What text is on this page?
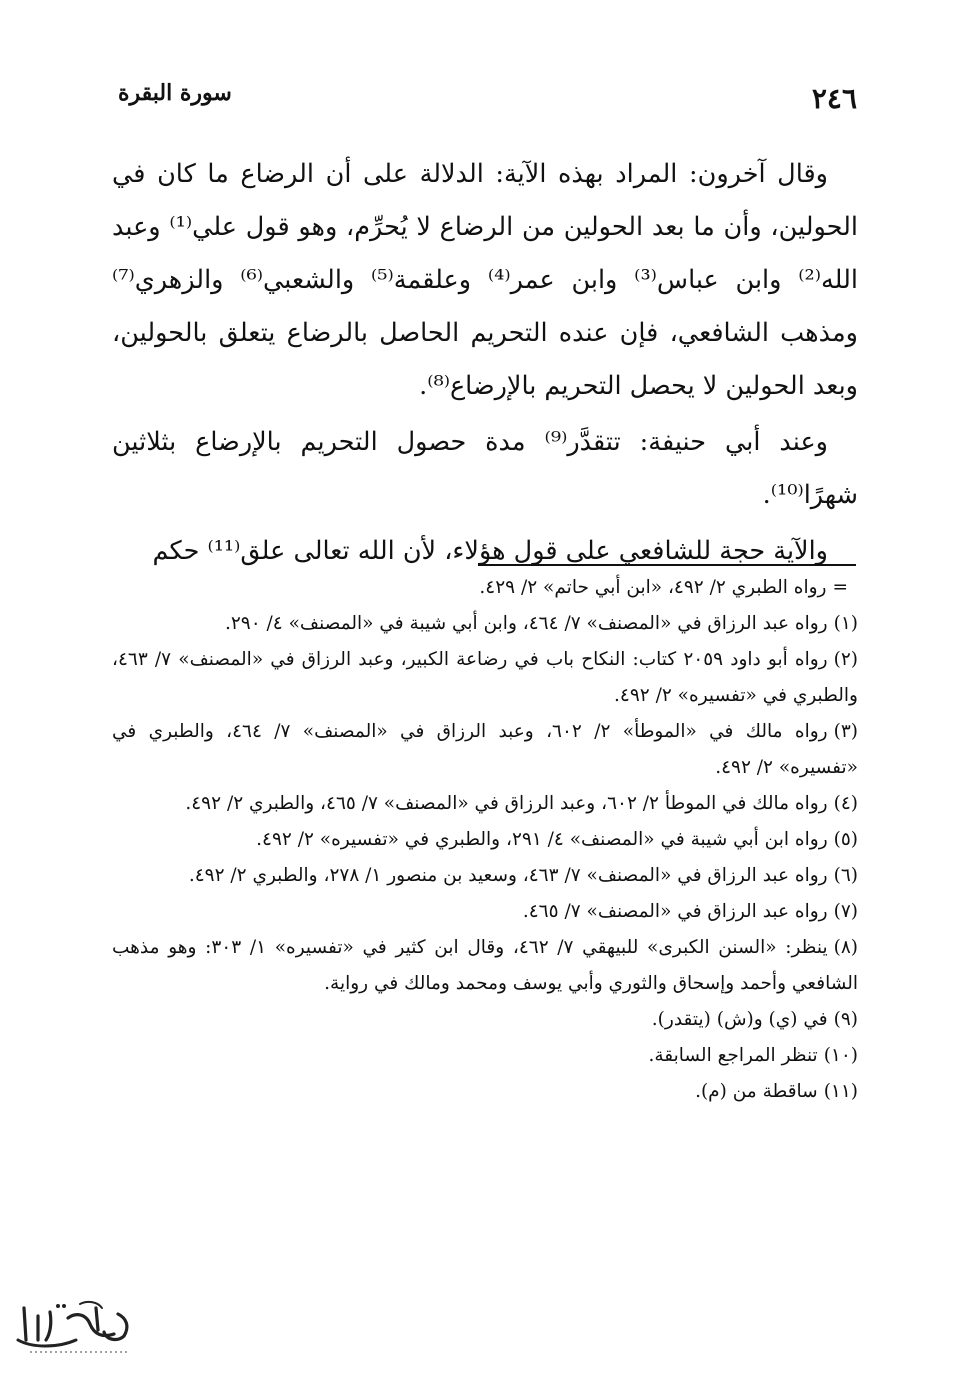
٢٤٦
سورة البقرة

وقال آخرون: المراد بهذه الآية: الدلالة على أن الرضاع ما كان في الحولين، وأن ما بعد الحولين من الرضاع لا يُحرِّم، وهو قول علي⁽¹⁾ وعبد الله⁽²⁾ وابن عباس⁽³⁾ وابن عمر⁽⁴⁾ وعلقمة⁽⁵⁾ والشعبي⁽⁶⁾ والزهري⁽⁷⁾ ومذهب الشافعي، فإن عنده التحريم الحاصل بالرضاع يتعلق بالحولين، وبعد الحولين لا يحصل التحريم بالإرضاع⁽⁸⁾.

وعند أبي حنيفة: تتقدَّر⁽⁹⁾ مدة حصول التحريم بالإرضاع بثلاثين شهرًا⁽¹⁰⁾.

والآية حجة للشافعي على قول هؤلاء، لأن الله تعالى علق⁽¹¹⁾ حكم

=رواه الطبري ٢/ ٤٩٢، «ابن أبي حاتم» ٢/ ٤٢٩.

(١)رواه عبد الرزاق في «المصنف» ٧/ ٤٦٤، وابن أبي شيبة في «المصنف» ٤/ ٢٩٠.

(٢)رواه أبو داود ٢٠٥٩ كتاب: النكاح باب في رضاعة الكبير، وعبد الرزاق في «المصنف» ٧/ ٤٦٣، والطبري في «تفسيره» ٢/ ٤٩٢.

(٣)رواه مالك في «الموطأ» ٢/ ٦٠٢، وعبد الرزاق في «المصنف» ٧/ ٤٦٤، والطبري في «تفسيره» ٢/ ٤٩٢.

(٤)رواه مالك في الموطأ ٢/ ٦٠٢، وعبد الرزاق في «المصنف» ٧/ ٤٦٥، والطبري ٢/ ٤٩٢.

(٥)رواه ابن أبي شيبة في «المصنف» ٤/ ٢٩١، والطبري في «تفسيره» ٢/ ٤٩٢.

(٦)رواه عبد الرزاق في «المصنف» ٧/ ٤٦٣، وسعيد بن منصور ١/ ٢٧٨، والطبري ٢/ ٤٩٢.

(٧)رواه عبد الرزاق في «المصنف» ٧/ ٤٦٥.

(٨)ينظر: «السنن الكبرى» للبيهقي ٧/ ٤٦٢، وقال ابن كثير في «تفسيره» ١/ ٣٠٣: وهو مذهب الشافعي وأحمد وإسحاق والثوري وأبي يوسف ومحمد ومالك في رواية.

(٩)في (ي) و(ش) (يتقدر).

(١٠)تنظر المراجع السابقة.

(١١)ساقطة من (م).
